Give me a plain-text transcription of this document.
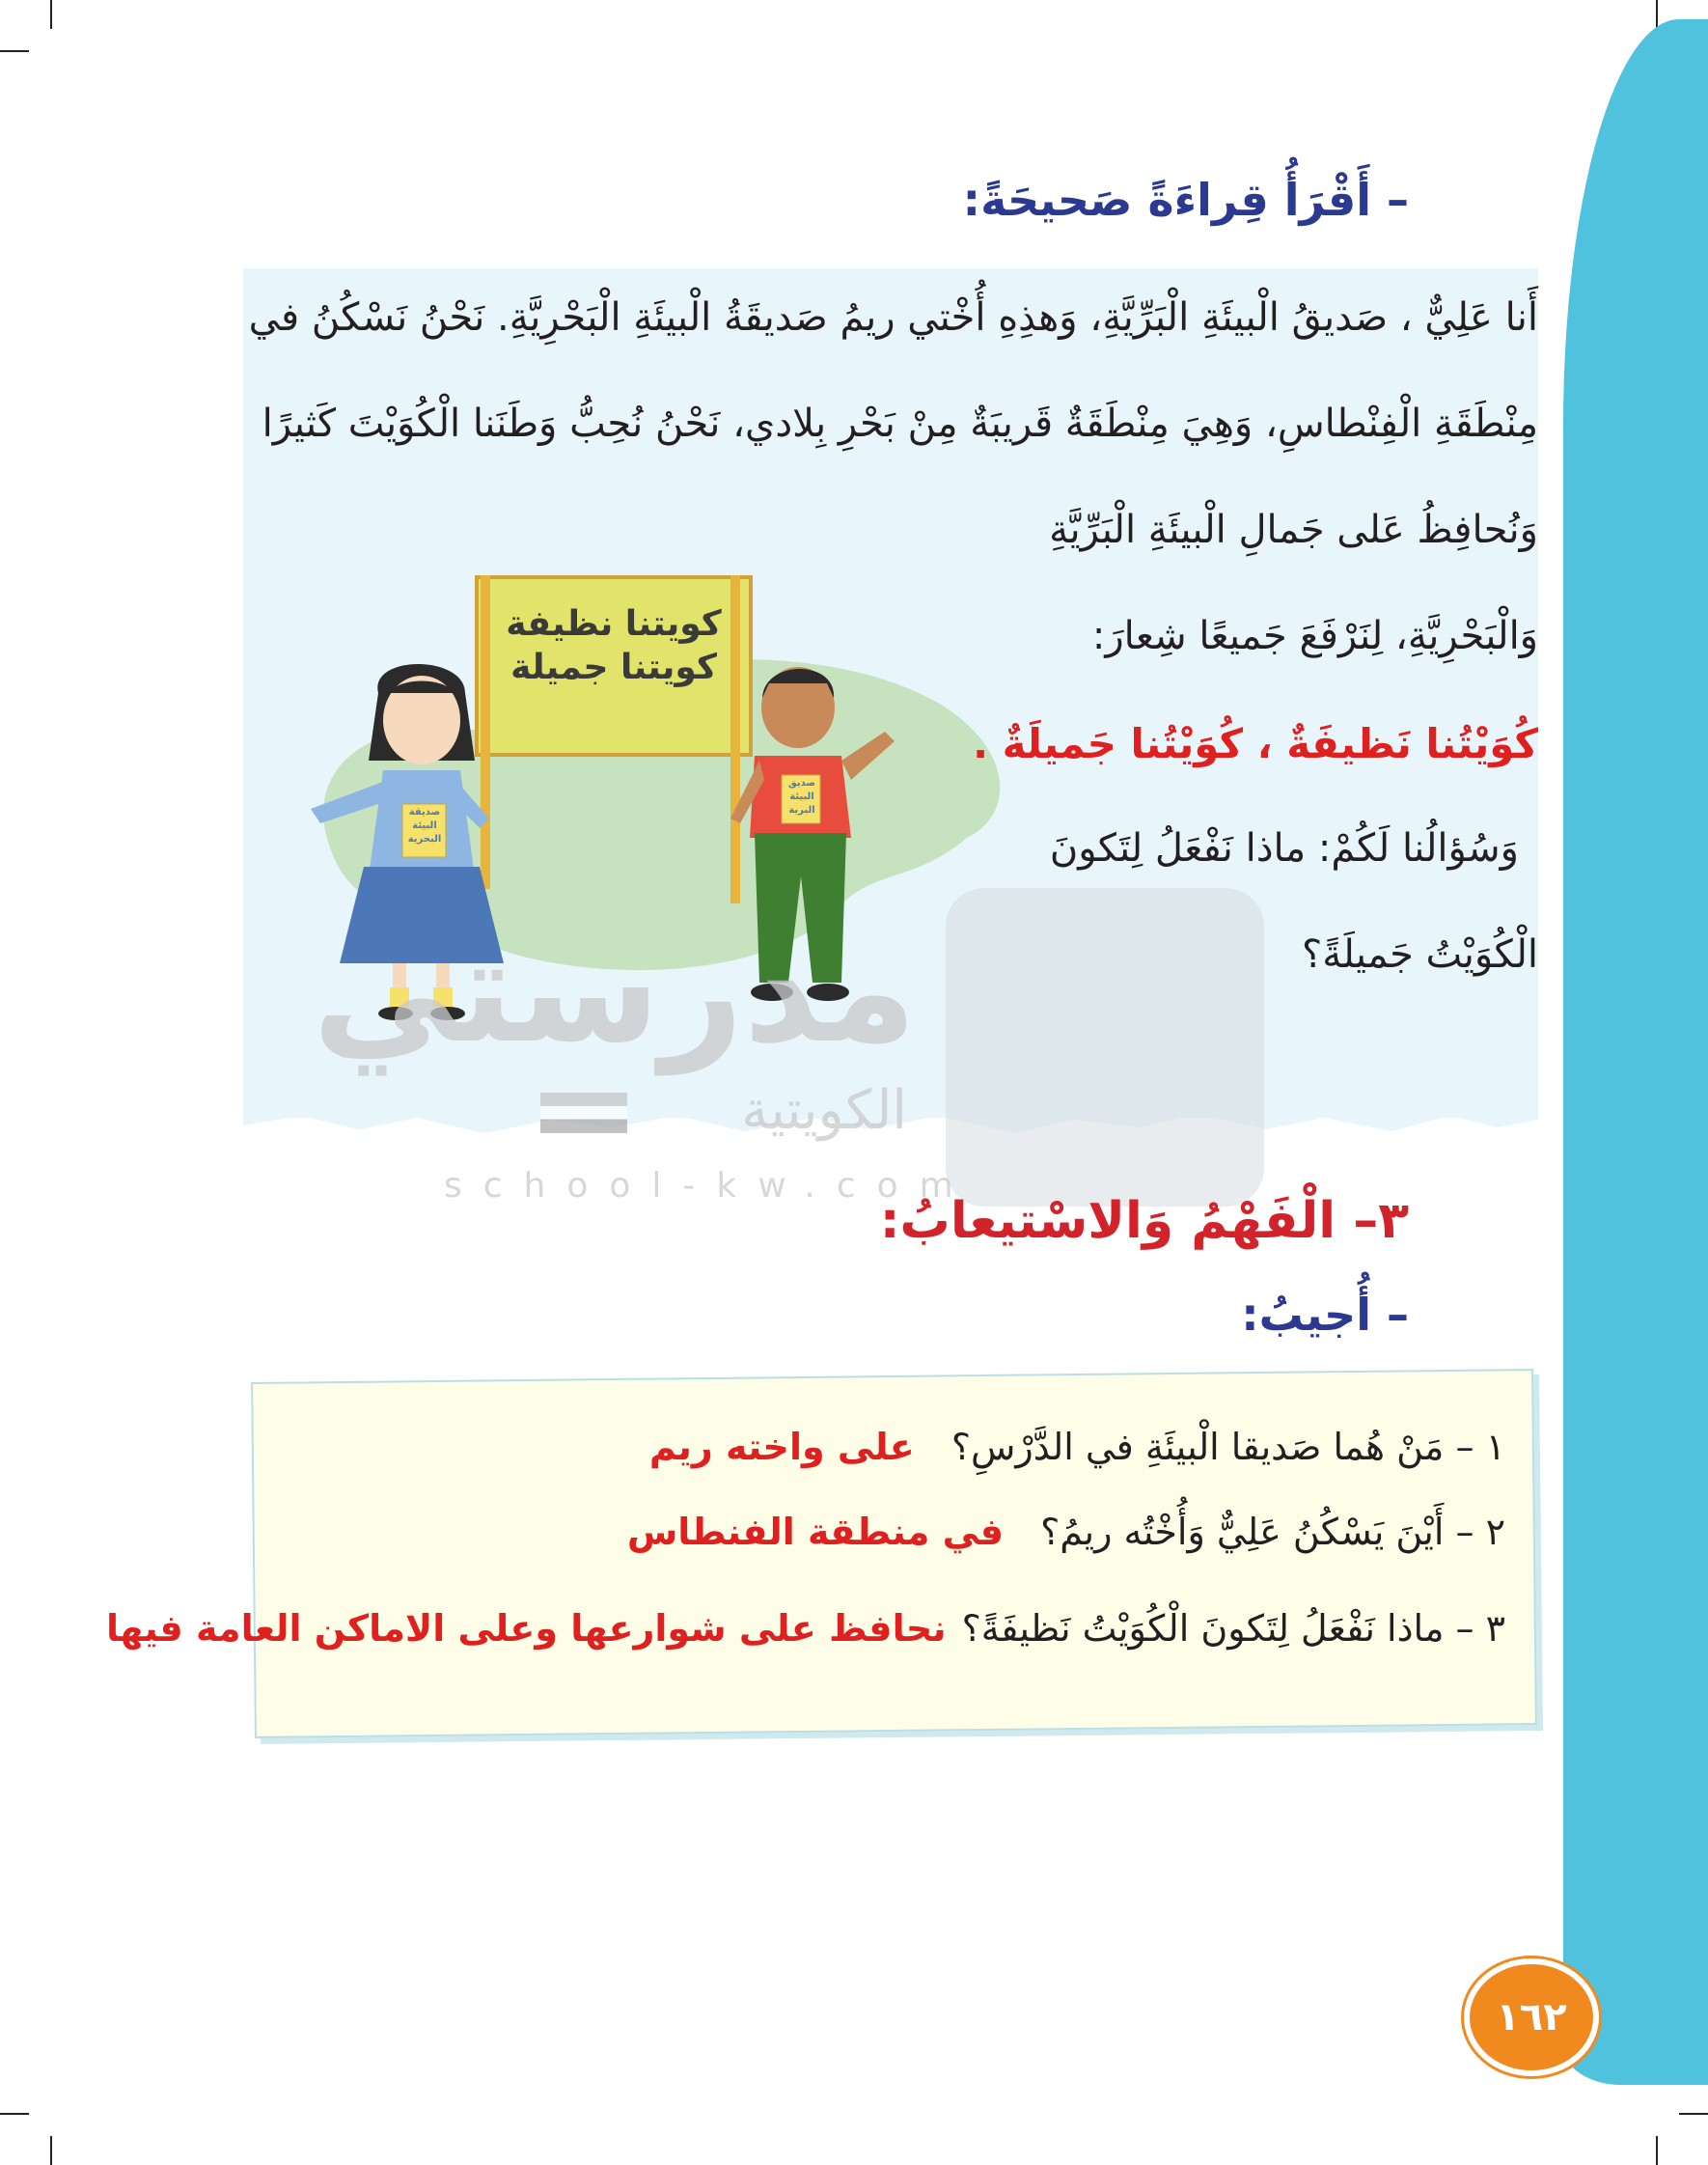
– أَقْرَأُ قِراءَةً صَحيحَةً:
كويتنا نظيفة
كويتنا جميلة
صديقة البيئة البحرية
صديق البيئة البرية
أَنا عَلِيٌّ ، صَديقُ الْبيئَةِ الْبَرِّيَّةِ، وَهذِهِ أُخْتي ريمُ صَديقَةُ الْبيئَةِ الْبَحْرِيَّةِ. نَحْنُ نَسْكُنُ في
مِنْطَقَةِ الْفِنْطاسِ، وَهِيَ مِنْطَقَةٌ قَريبَةٌ مِنْ بَحْرِ بِلادي، نَحْنُ نُحِبُّ وَطَنَنا الْكُوَيْتَ كَثيرًا
وَنُحافِظُ عَلى جَمالِ الْبيئَةِ الْبَرِّيَّةِ
وَالْبَحْرِيَّةِ، لِنَرْفَعَ جَميعًا شِعارَ:
كُوَيْتُنا نَظيفَةٌ ، كُوَيْتُنا جَميلَةٌ .
وَسُؤالُنا لَكُمْ: ماذا نَفْعَلُ لِتَكونَ
الْكُوَيْتُ جَميلَةً؟
مدرستي
الكويتية
school-kw.com
٣– الْفَهْمُ وَالاسْتيعابُ:
– أُجيبُ:
١ – مَنْ هُما صَديقا الْبيئَةِ في الدَّرْسِ؟ على واخته ريم
٢ – أَيْنَ يَسْكُنُ عَلِيٌّ وَأُخْتُه ريمُ؟ في منطقة الفنطاس
٣ – ماذا نَفْعَلُ لِتَكونَ الْكُوَيْتُ نَظيفَةً؟ نحافظ على شوارعها وعلى الاماكن العامة فيها
١٦٢
